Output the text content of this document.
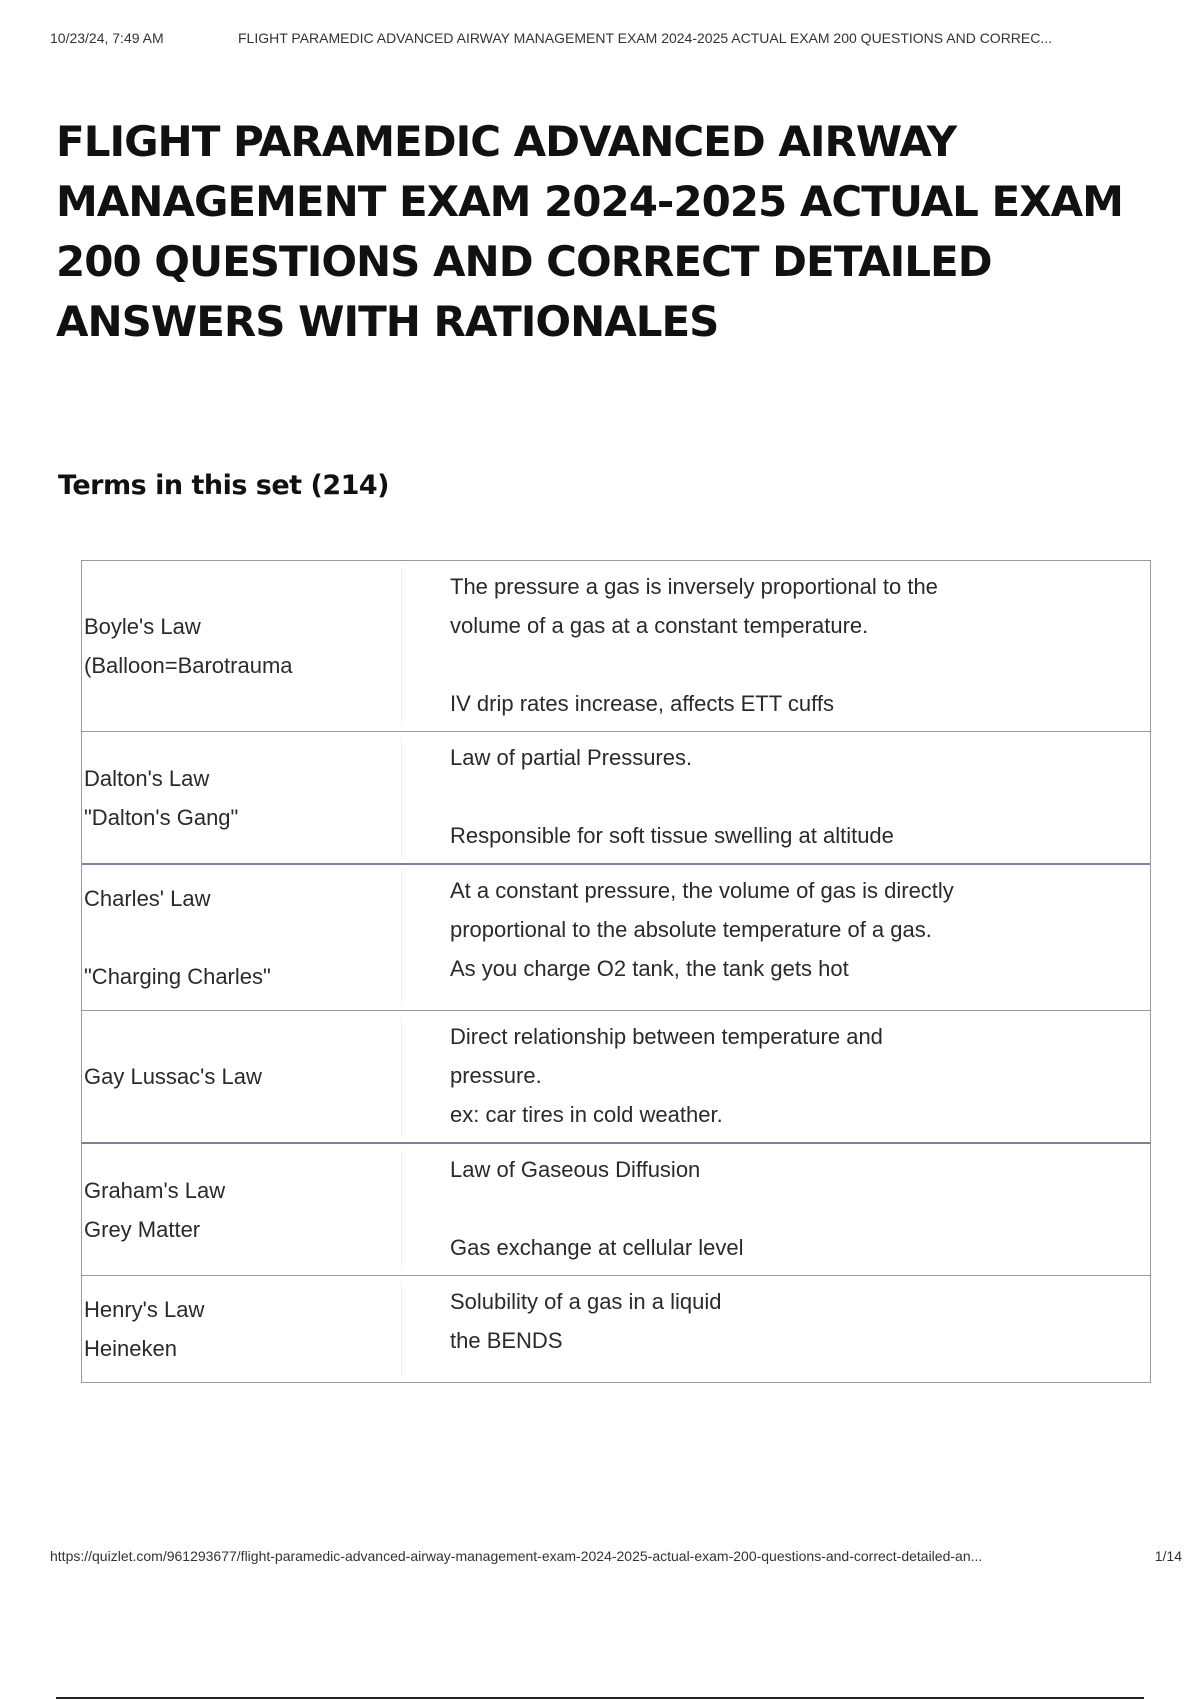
10/23/24, 7:49 AM	FLIGHT PARAMEDIC ADVANCED AIRWAY MANAGEMENT EXAM 2024-2025 ACTUAL EXAM 200 QUESTIONS AND CORREC...
FLIGHT PARAMEDIC ADVANCED AIRWAY MANAGEMENT EXAM 2024-2025 ACTUAL EXAM 200 QUESTIONS AND CORRECT DETAILED ANSWERS WITH RATIONALES
Terms in this set (214)
Boyle's Law
(Balloon=Barotrauma
The pressure a gas is inversely proportional to the
volume of a gas at a constant temperature.
IV drip rates increase, affects ETT cuffs
Dalton's Law
"Dalton's Gang"
Law of partial Pressures.
Responsible for soft tissue swelling at altitude
Charles' Law

"Charging Charles"
At a constant pressure, the volume of gas is directly
proportional to the absolute temperature of a gas.
As you charge O2 tank, the tank gets hot
Gay Lussac's Law
Direct relationship between temperature and
pressure.
ex: car tires in cold weather.
Graham's Law
Grey Matter
Law of Gaseous Diffusion
Gas exchange at cellular level
Henry's Law
Heineken
Solubility of a gas in a liquid
the BENDS
https://quizlet.com/961293677/flight-paramedic-advanced-airway-management-exam-2024-2025-actual-exam-200-questions-and-correct-detailed-an...	1/14
